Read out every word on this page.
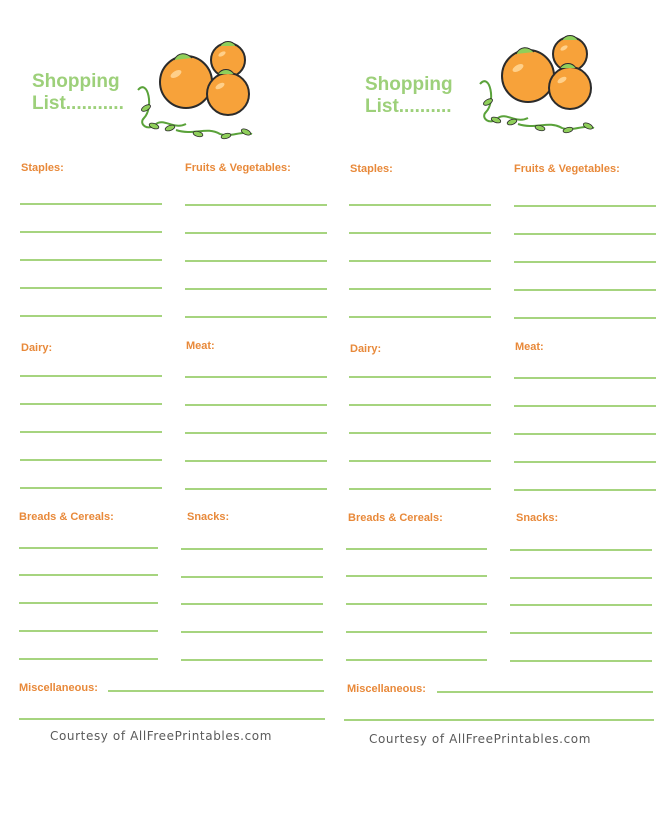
Shopping
List...........
Staples:	Fruits & Vegetables:
Dairy:	Meat:
Breads & Cereals:	Snacks:
Miscellaneous:
Courtesy of AllFreePrintables.com
Shopping
List..........
Staples:	Fruits & Vegetables:
Dairy:	Meat:
Breads & Cereals:	Snacks:
Miscellaneous:
Courtesy of AllFreePrintables.com
